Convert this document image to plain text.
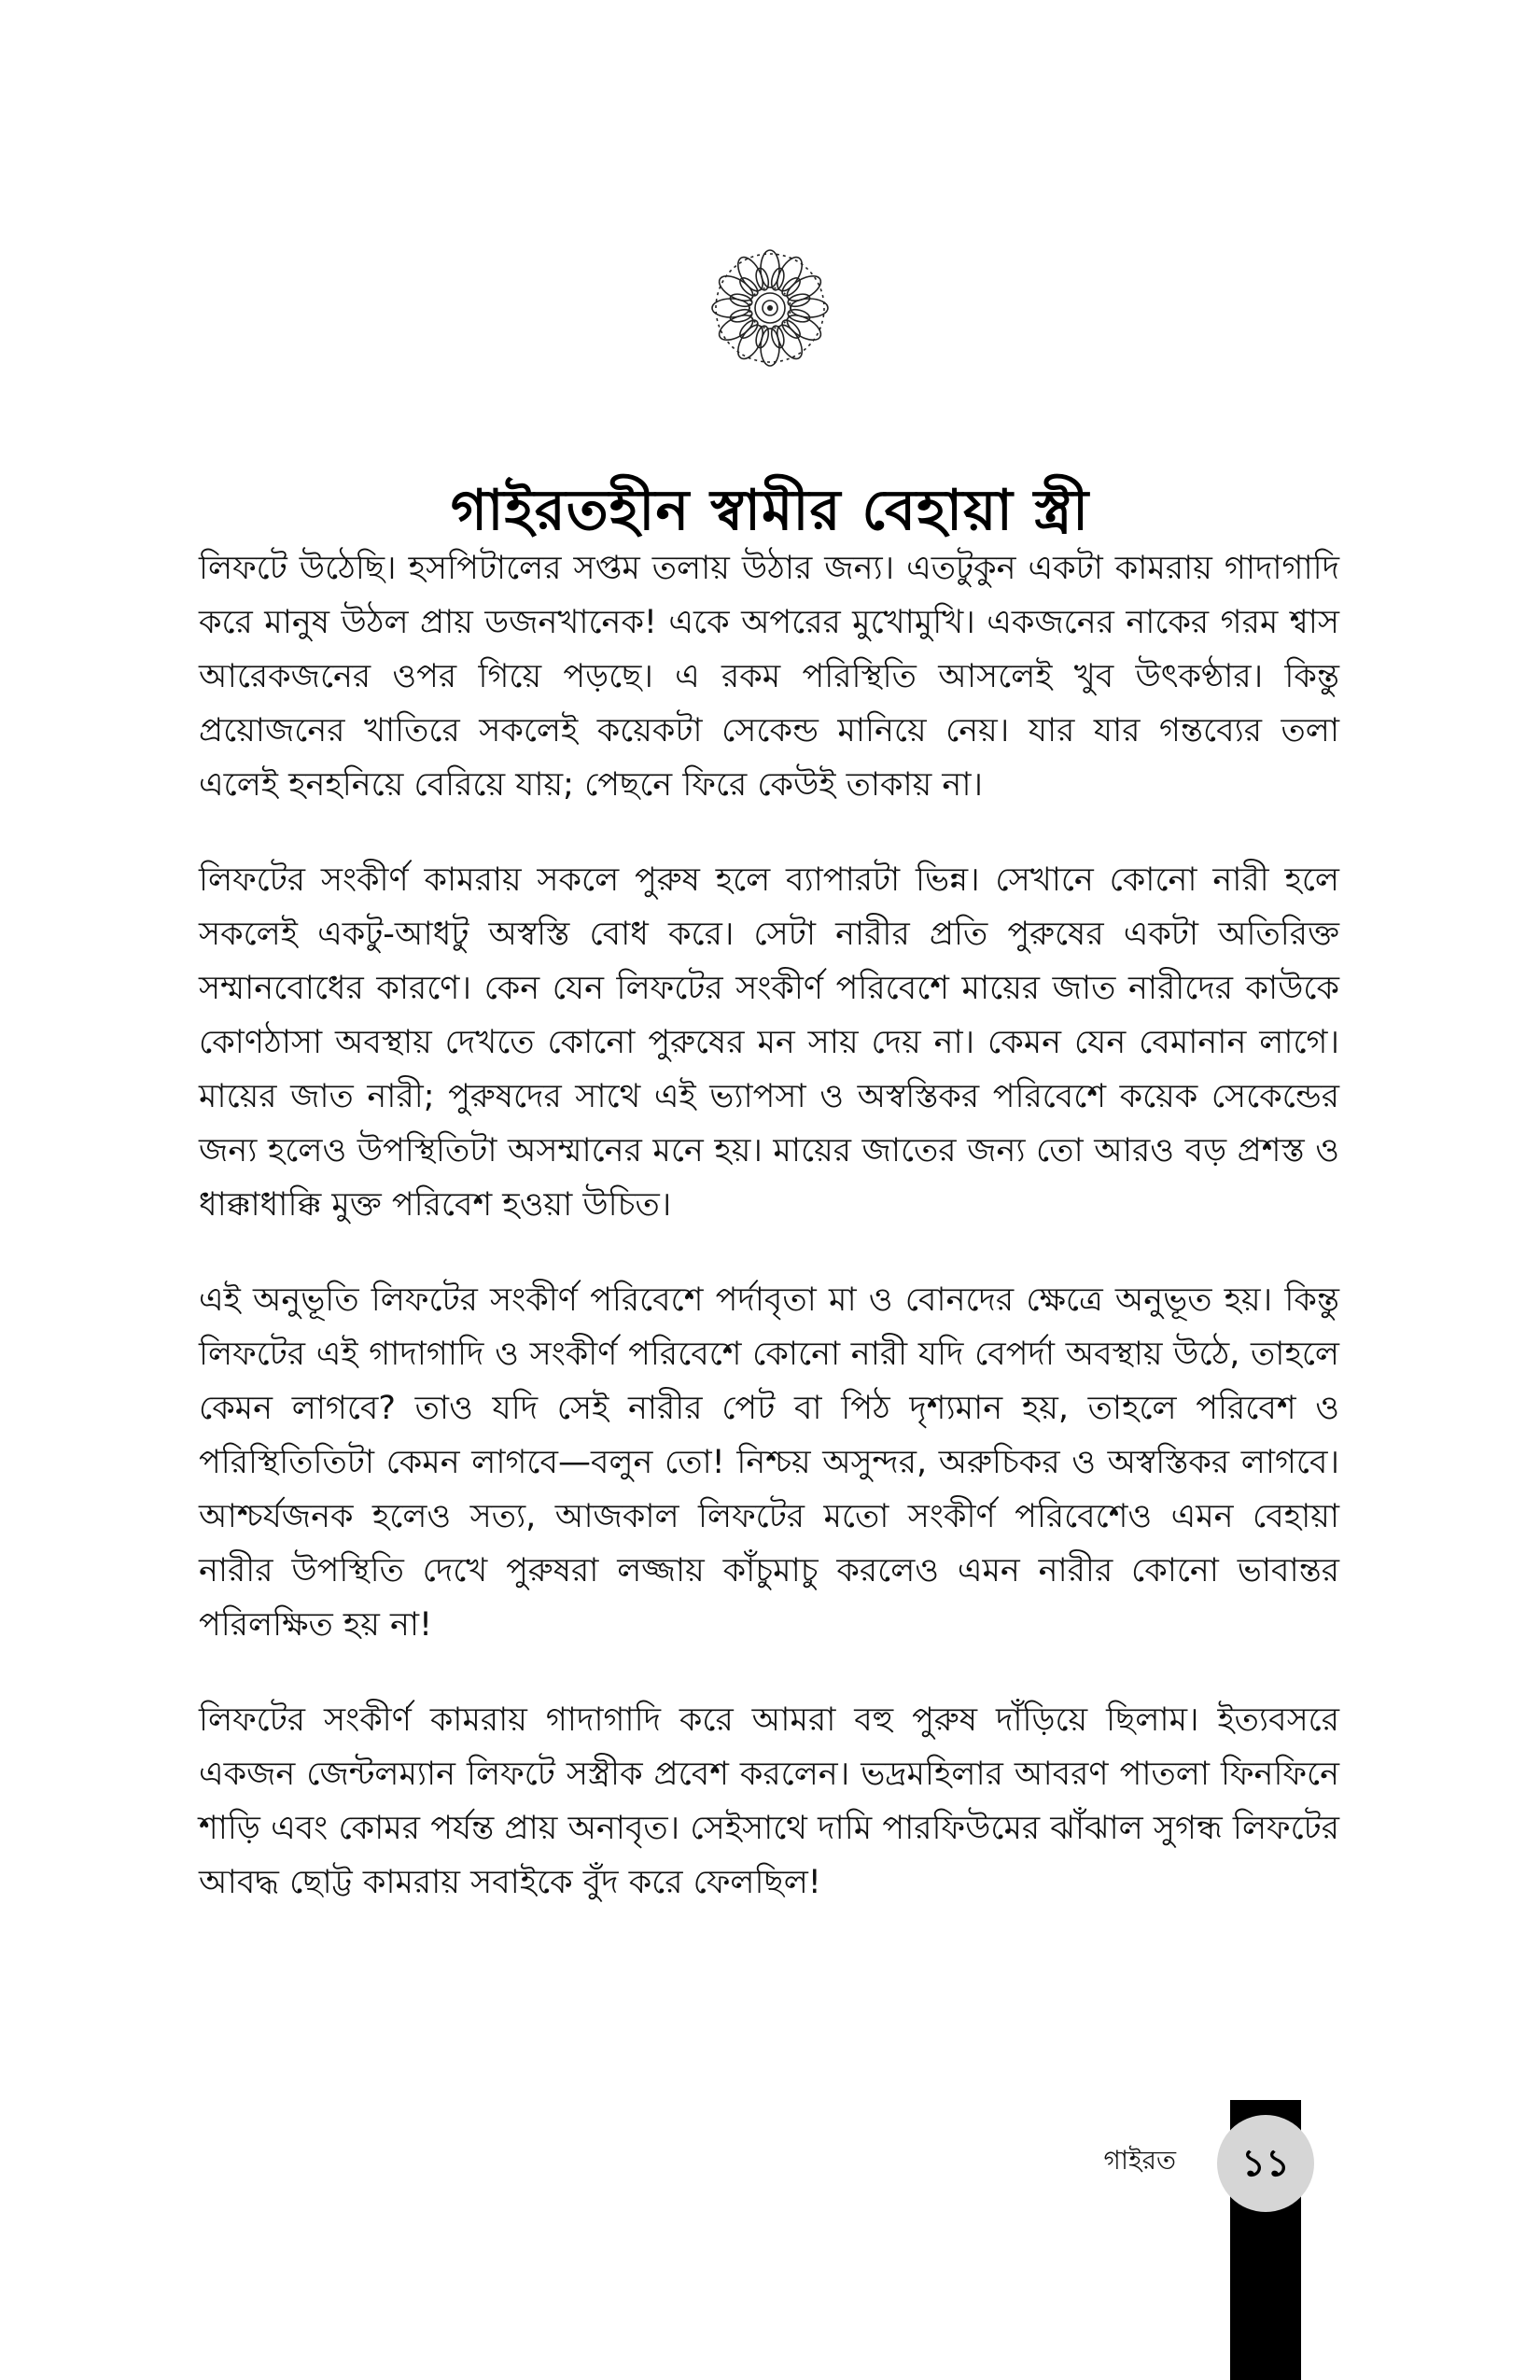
গাইরতহীন স্বামীর বেহায়া স্ত্রী

লিফটে উঠেছি। হসপিটালের সপ্তম তলায় উঠার জন্য। এতটুকুন একটা কামরায় গাদাগাদি করে মানুষ উঠল প্রায় ডজনখানেক! একে অপরের মুখোমুখি। একজনের নাকের গরম শ্বাস আরেকজনের ওপর গিয়ে পড়ছে। এ রকম পরিস্থিতি আসলেই খুব উৎকণ্ঠার। কিন্তু প্রয়োজনের খাতিরে সকলেই কয়েকটা সেকেন্ড মানিয়ে নেয়। যার যার গন্তব্যের তলা এলেই হনহনিয়ে বেরিয়ে যায়; পেছনে ফিরে কেউই তাকায় না।

লিফটের সংকীর্ণ কামরায় সকলে পুরুষ হলে ব্যাপারটা ভিন্ন। সেখানে কোনো নারী হলে সকলেই একটু-আধটু অস্বস্তি বোধ করে। সেটা নারীর প্রতি পুরুষের একটা অতিরিক্ত সম্মানবোধের কারণে। কেন যেন লিফটের সংকীর্ণ পরিবেশে মায়ের জাত নারীদের কাউকে কোণঠাসা অবস্থায় দেখতে কোনো পুরুষের মন সায় দেয় না। কেমন যেন বেমানান লাগে। মায়ের জাত নারী; পুরুষদের সাথে এই ভ্যাপসা ও অস্বস্তিকর পরিবেশে কয়েক সেকেন্ডের জন্য হলেও উপস্থিতিটা অসম্মানের মনে হয়। মায়ের জাতের জন্য তো আরও বড় প্রশস্ত ও ধাক্কাধাক্কি মুক্ত পরিবেশ হওয়া উচিত।

এই অনুভূতি লিফটের সংকীর্ণ পরিবেশে পর্দাবৃতা মা ও বোনদের ক্ষেত্রে অনুভূত হয়। কিন্তু লিফটের এই গাদাগাদি ও সংকীর্ণ পরিবেশে কোনো নারী যদি বেপর্দা অবস্থায় উঠে, তাহলে কেমন লাগবে? তাও যদি সেই নারীর পেট বা পিঠ দৃশ্যমান হয়, তাহলে পরিবেশ ও পরিস্থিতিতিটা কেমন লাগবে—বলুন তো! নিশ্চয় অসুন্দর, অরুচিকর ও অস্বস্তিকর লাগবে। আশ্চর্যজনক হলেও সত্য, আজকাল লিফটের মতো সংকীর্ণ পরিবেশেও এমন বেহায়া নারীর উপস্থিতি দেখে পুরুষরা লজ্জায় কাঁচুমাচু করলেও এমন নারীর কোনো ভাবান্তর পরিলক্ষিত হয় না!

লিফটের সংকীর্ণ কামরায় গাদাগাদি করে আমরা বহু পুরুষ দাঁড়িয়ে ছিলাম। ইত্যবসরে একজন জেন্টলম্যান লিফটে সস্ত্রীক প্রবেশ করলেন। ভদ্রমহিলার আবরণ পাতলা ফিনফিনে শাড়ি এবং কোমর পর্যন্ত প্রায় অনাবৃত। সেইসাথে দামি পারফিউমের ঝাঁঝাল সুগন্ধ লিফটের আবদ্ধ ছোট্ট কামরায় সবাইকে বুঁদ করে ফেলছিল!

গাইরত	১১
